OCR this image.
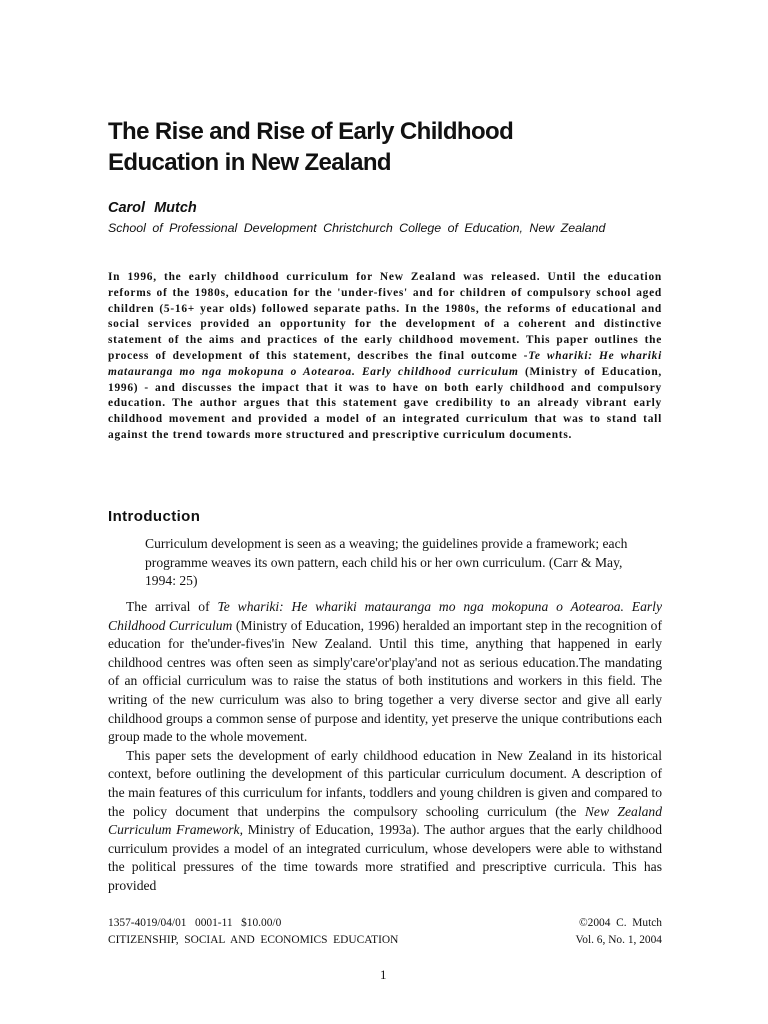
The Rise and Rise of Early Childhood
Education in New Zealand
Carol Mutch
School of Professional Development Christchurch College of Education, New Zealand

In 1996, the early childhood curriculum for New Zealand was released. Until the education reforms of the 1980s, education for the 'under-fives' and for children of compulsory school aged children (5-16+ year olds) followed separate paths. In the 1980s, the reforms of educational and social services provided an opportunity for the development of a coherent and distinctive statement of the aims and practices of the early childhood movement. This paper outlines the process of development of this statement, describes the final outcome -Te whariki: He whariki matauranga mo nga mokopuna o Aotearoa. Early childhood curriculum (Ministry of Education, 1996) - and discusses the impact that it was to have on both early childhood and compulsory education. The author argues that this statement gave credibility to an already vibrant early childhood movement and provided a model of an integrated curriculum that was to stand tall against the trend towards more structured and prescriptive curriculum documents.

Introduction

Curriculum development is seen as a weaving; the guidelines provide a framework; each programme weaves its own pattern, each child his or her own curriculum. (Carr & May, 1994: 25)

The arrival of Te whariki: He whariki matauranga mo nga mokopuna o Aotearoa. Early Childhood Curriculum (Ministry of Education, 1996) heralded an important step in the recognition of education for the'under-fives'in New Zealand. Until this time, anything that happened in early childhood centres was often seen as simply'care'or'play'and not as serious education.The mandating of an official curriculum was to raise the status of both institutions and workers in this field. The writing of the new curriculum was also to bring together a very diverse sector and give all early childhood groups a common sense of purpose and identity, yet preserve the unique contributions each group made to the whole movement.

This paper sets the development of early childhood education in New Zealand in its historical context, before outlining the development of this particular curriculum document. A description of the main features of this curriculum for infants, toddlers and young children is given and compared to the policy document that underpins the compulsory schooling curriculum (the New Zealand Curriculum Framework, Ministry of Education, 1993a). The author argues that the early childhood curriculum provides a model of an integrated curriculum, whose developers were able to withstand the political pressures of the time towards more stratified and prescriptive curricula. This has provided

1357-4019/04/01   0001-11   $10.00/0
CITIZENSHIP,  SOCIAL  AND  ECONOMICS  EDUCATION
©2004  C.  Mutch
Vol. 6, No. 1, 2004
1
